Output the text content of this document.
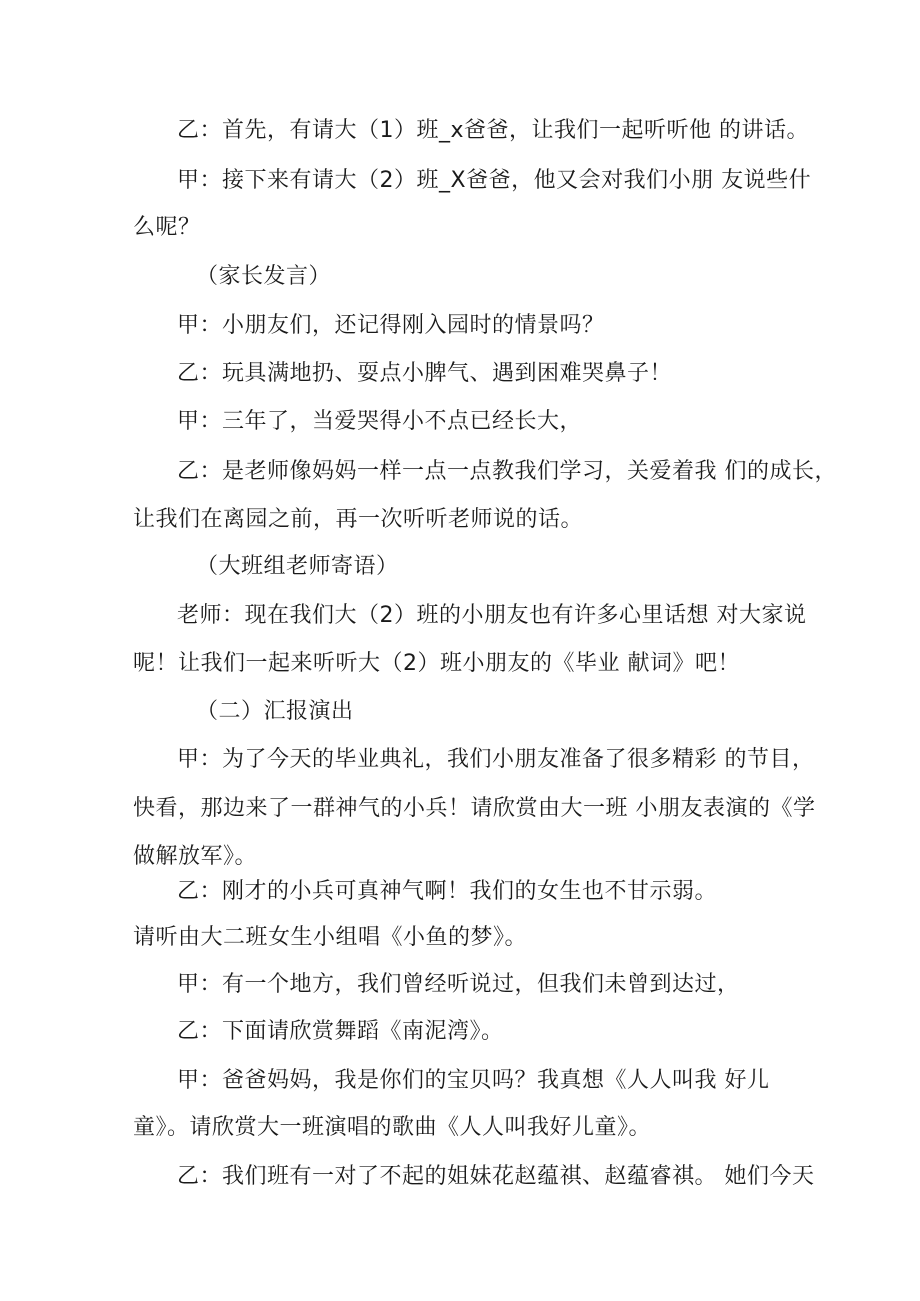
乙：首先，有请大（1）班_x爸爸，让我们一起听听他 的讲话。

甲：接下来有请大（2）班_X爸爸，他又会对我们小朋 友说些什

么呢？

（家长发言）

甲：小朋友们，还记得刚入园时的情景吗？

乙：玩具满地扔、耍点小脾气、遇到困难哭鼻子！

甲：三年了，当爱哭得小不点已经长大，

乙：是老师像妈妈一样一点一点教我们学习，关爱着我 们的成长，

让我们在离园之前，再一次听听老师说的话。

（大班组老师寄语）

老师：现在我们大（2）班的小朋友也有许多心里话想 对大家说

呢！让我们一起来听听大（2）班小朋友的《毕业 献词》吧！

（二）汇报演出

甲：为了今天的毕业典礼，我们小朋友准备了很多精彩 的节目，

快看，那边来了一群神气的小兵！请欣赏由大一班 小朋友表演的《学

做解放军》。

乙：刚才的小兵可真神气啊！我们的女生也不甘示弱。

请听由大二班女生小组唱《小鱼的梦》。

甲：有一个地方，我们曾经听说过，但我们未曾到达过，

乙：下面请欣赏舞蹈《南泥湾》。

甲：爸爸妈妈，我是你们的宝贝吗？我真想《人人叫我 好儿

童》。请欣赏大一班演唱的歌曲《人人叫我好儿童》。

乙：我们班有一对了不起的姐妹花赵蕴祺、赵蕴睿祺。 她们今天
